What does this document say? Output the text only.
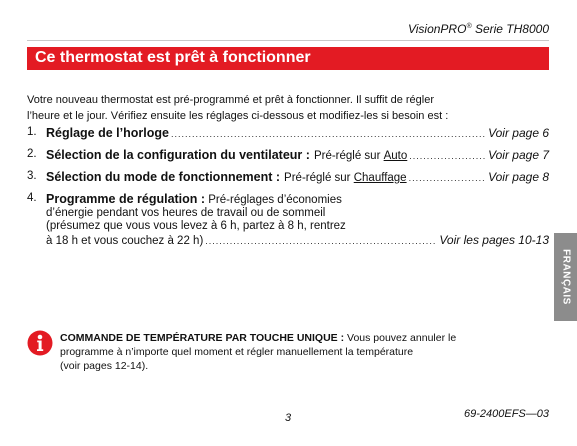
VisionPRO® Serie TH8000
Ce thermostat est prêt à fonctionner
Votre nouveau thermostat est pré-programmé et prêt à fonctionner. Il suffit de régler
l’heure et le jour. Vérifiez ensuite les réglages ci-dessous et modifiez-les si besoin est :
1. Réglage de l’horloge .....	Voir page 6
2. Sélection de la configuration du ventilateur : Pré-réglé sur
Auto .....	Voir page 7
3. Sélection du mode de fonctionnement : Pré-réglé sur
Chauffage .....	Voir page 8
4. Programme de régulation : Pré-réglages d’économies
d’énergie pendant vos heures de travail ou de sommeil
(présumez que vous vous levez à 6 h, partez à 8 h, rentrez
à 18 h et vous couchez à 22 h) .....	Voir les pages 10-13
FRANÇAIS
COMMANDE DE TEMPÉRATURE PAR TOUCHE UNIQUE : Vous pouvez annuler le
programme à n’importe quel moment et régler manuellement la température
(voir pages 12-14).
3	69-2400EFS—03
